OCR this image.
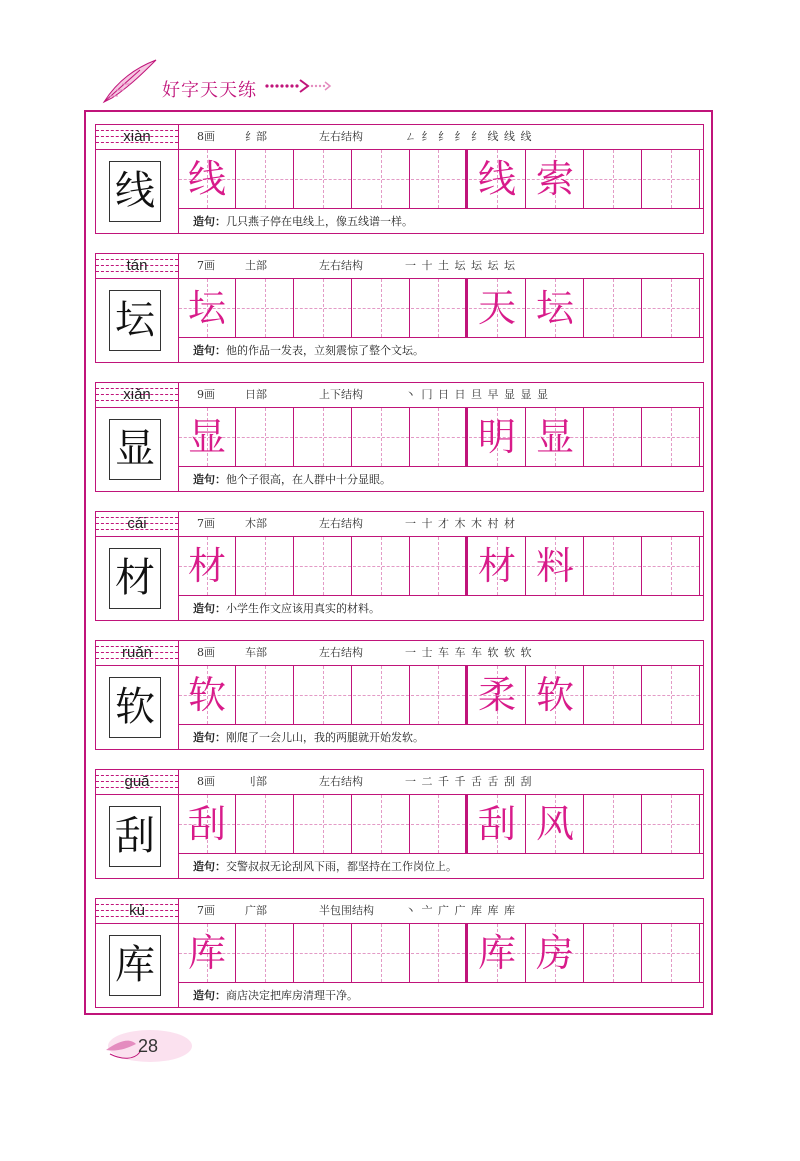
好字天天练
xiàn	8画	纟部	左右结构	ㄥ 纟 纟 纟 纟 线 线 线
线 线	线 索
造句：几只燕子停在电线上，像五线谱一样。
tán	7画	土部	左右结构	一 十 土 坛 坛 坛 坛
坛 坛	天 坛
造句：他的作品一发表，立刻震惊了整个文坛。
xiǎn	9画	日部	上下结构	丶 冂 日 日 旦 早 显 显 显
显 显	明 显
造句：他个子很高，在人群中十分显眼。
cái	7画	木部	左右结构	一 十 才 木 木 村 材
材 材	材 料
造句：小学生作文应该用真实的材料。
ruǎn	8画	车部	左右结构	一 士 车 车 车 软 软 软
软 软	柔 软
造句：刚爬了一会儿山，我的两腿就开始发软。
guā	8画	刂部	左右结构	一 二 千 千 舌 舌 刮 刮
刮 刮	刮 风
造句：交警叔叔无论刮风下雨，都坚持在工作岗位上。
kù	7画	广部	半包围结构	丶 亠 广 广 库 库 库
库 库	库 房
造句：商店决定把库房清理干净。
28
